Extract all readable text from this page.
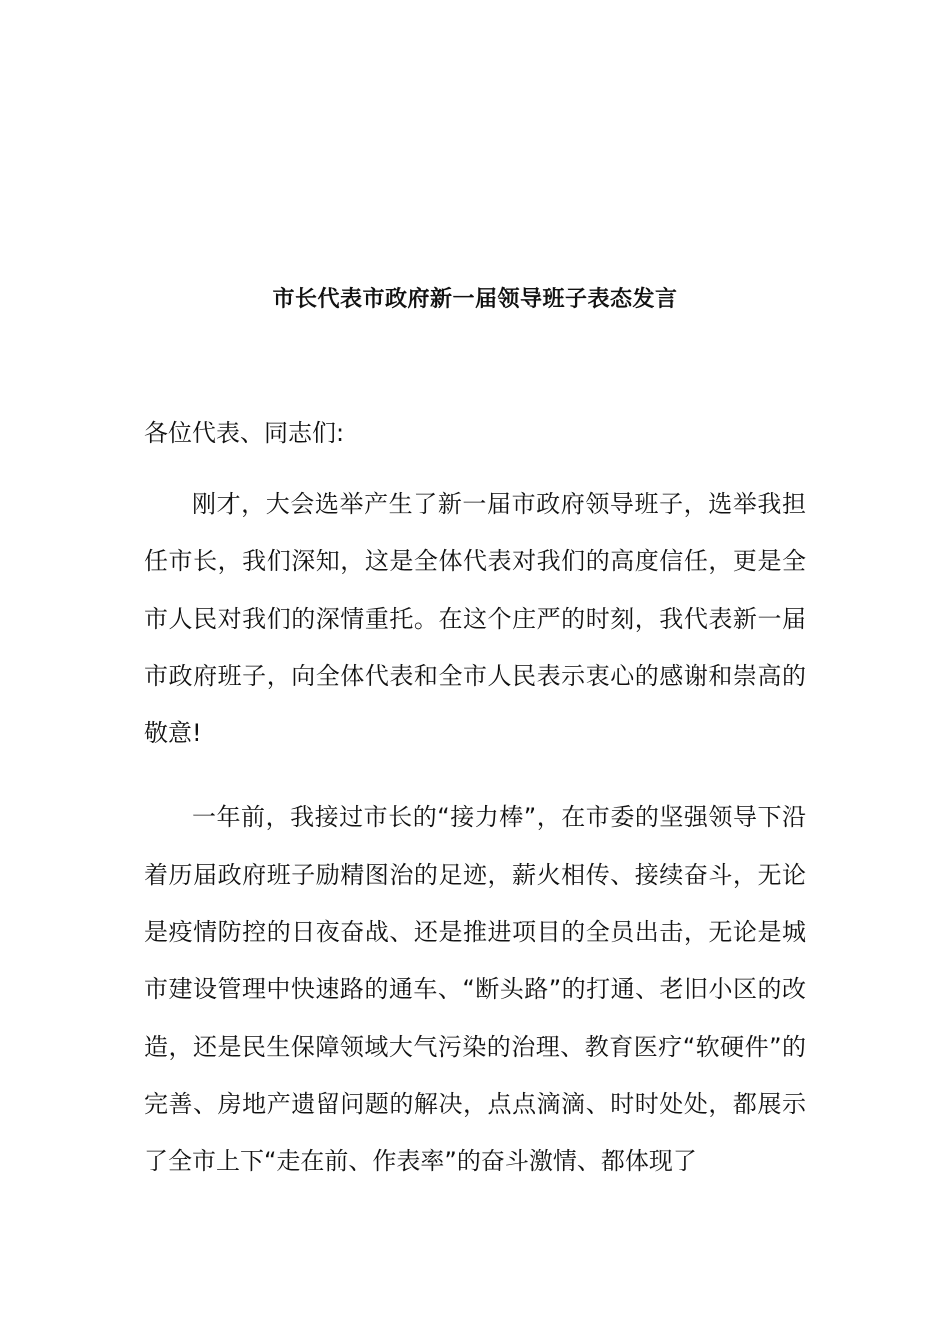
市长代表市政府新一届领导班子表态发言
各位代表、同志们:

刚才，大会选举产生了新一届市政府领导班子，选举我担任市长，我们深知，这是全体代表对我们的高度信任，更是全市人民对我们的深情重托。在这个庄严的时刻，我代表新一届市政府班子，向全体代表和全市人民表示衷心的感谢和崇高的敬意!

一年前，我接过市长的“接力棒”，在市委的坚强领导下沿着历届政府班子励精图治的足迹，薪火相传、接续奋斗，无论是疫情防控的日夜奋战、还是推进项目的全员出击，无论是城市建设管理中快速路的通车、“断头路”的打通、老旧小区的改造，还是民生保障领域大气污染的治理、教育医疗“软硬件”的完善、房地产遗留问题的解决，点点滴滴、时时处处，都展示了全市上下“走在前、作表率”的奋斗激情、都体现了
